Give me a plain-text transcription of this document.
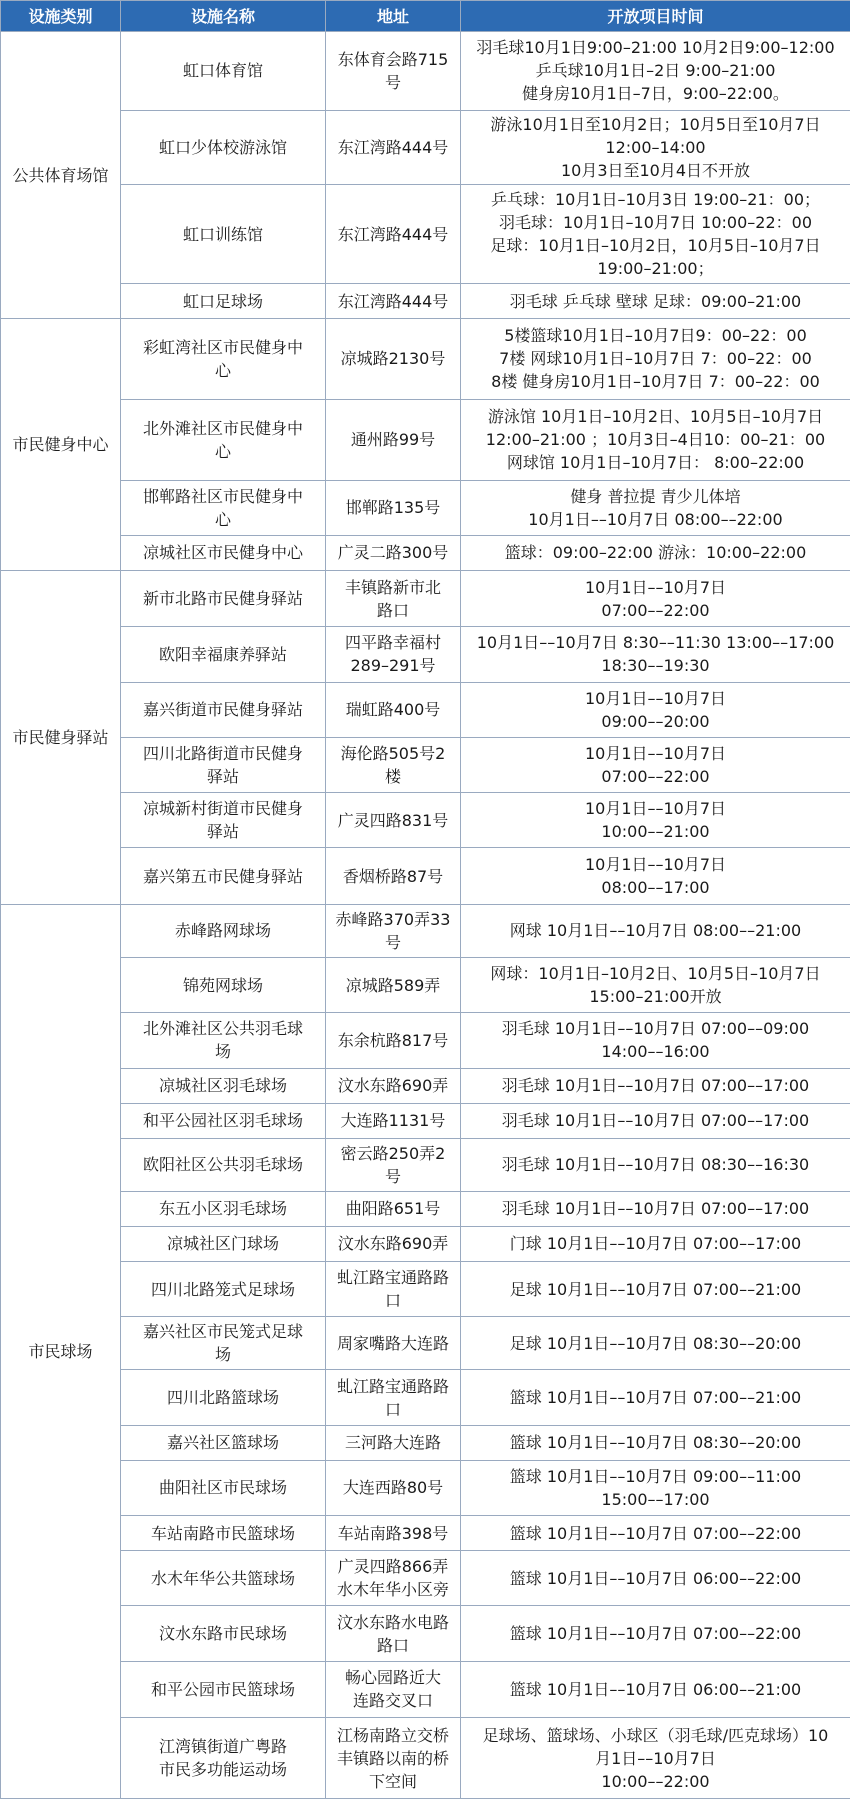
设施类别	设施名称	地址	开放项目时间
公共体育场馆	虹口体育馆	东体育会路715
号	羽毛球10月1日9:00–21:00 10月2日9:00–12:00
乒乓球10月1日–2日 9:00–21:00
健身房10月1日–7日，9:00–22:00。

	虹口少体校游泳馆	东江湾路444号	游泳10月1日至10月2日；10月5日至10月7日
12:00–14:00
10月3日至10月4日不开放

	虹口训练馆	东江湾路444号	乒乓球：10月1日–10月3日 19:00–21：00；
羽毛球：10月1日–10月7日 10:00–22：00
足球：10月1日–10月2日，10月5日–10月7日
19:00–21:00；

	虹口足球场	东江湾路444号	羽毛球 乒乓球 壁球 足球：09:00–21:00

市民健身中心	彩虹湾社区市民健身中
心	凉城路2130号	5楼篮球10月1日–10月7日9：00–22：00
7楼 网球10月1日–10月7日 7：00–22：00
8楼 健身房10月1日–10月7日 7：00–22：00

	北外滩社区市民健身中
心	通州路99号	游泳馆 10月1日–10月2日、10月5日–10月7日
12:00–21:00 ；10月3日–4日10：00–21：00
网球馆 10月1日–10月7日： 8:00–22:00

	邯郸路社区市民健身中
心	邯郸路135号	健身 普拉提 青少儿体培
10月1日––10月7日 08:00––22:00

	凉城社区市民健身中心	广灵二路300号	篮球：09:00–22:00 游泳：10:00–22:00

市民健身驿站	新市北路市民健身驿站	丰镇路新市北
路口	10月1日––10月7日
07:00––22:00

	欧阳幸福康养驿站	四平路幸福村
289–291号	10月1日––10月7日 8:30––11:30 13:00––17:00
18:30––19:30

	嘉兴街道市民健身驿站	瑞虹路400号	10月1日––10月7日
09:00––20:00

	四川北路街道市民健身
驿站	海伦路505号2
楼	10月1日––10月7日
07:00––22:00

	凉城新村街道市民健身
驿站	广灵四路831号	10月1日––10月7日
10:00––21:00

	嘉兴第五市民健身驿站	香烟桥路87号	10月1日––10月7日
08:00––17:00

市民球场	赤峰路网球场	赤峰路370弄33
号	网球 10月1日––10月7日 08:00––21:00

	锦苑网球场	凉城路589弄	网球：10月1日–10月2日、10月5日–10月7日
15:00–21:00开放

	北外滩社区公共羽毛球
场	东余杭路817号	羽毛球 10月1日––10月7日 07:00––09:00
14:00––16:00

	凉城社区羽毛球场	汶水东路690弄	羽毛球 10月1日––10月7日 07:00––17:00

	和平公园社区羽毛球场	大连路1131号	羽毛球 10月1日––10月7日 07:00––17:00

	欧阳社区公共羽毛球场	密云路250弄2
号	羽毛球 10月1日––10月7日 08:30––16:30

	东五小区羽毛球场	曲阳路651号	羽毛球 10月1日––10月7日 07:00––17:00

	凉城社区门球场	汶水东路690弄	门球 10月1日––10月7日 07:00––17:00

	四川北路笼式足球场	虬江路宝通路路
口	足球 10月1日––10月7日 07:00––21:00

	嘉兴社区市民笼式足球
场	周家嘴路大连路	足球 10月1日––10月7日 08:30––20:00

	四川北路篮球场	虬江路宝通路路
口	篮球 10月1日––10月7日 07:00––21:00

	嘉兴社区篮球场	三河路大连路	篮球 10月1日––10月7日 08:30––20:00

	曲阳社区市民球场	大连西路80号	篮球 10月1日––10月7日 09:00––11:00
15:00––17:00

	车站南路市民篮球场	车站南路398号	篮球 10月1日––10月7日 07:00––22:00

	水木年华公共篮球场	广灵四路866弄
水木年华小区旁	篮球 10月1日––10月7日 06:00––22:00

	汶水东路市民球场	汶水东路水电路
路口	篮球 10月1日––10月7日 07:00––22:00

	和平公园市民篮球场	畅心园路近大
连路交叉口	篮球 10月1日––10月7日 06:00––21:00

	江湾镇街道广粤路
市民多功能运动场	江杨南路立交桥
丰镇路以南的桥
下空间	足球场、篮球场、小球区（羽毛球/匹克球场）10
月1日––10月7日
10:00––22:00
